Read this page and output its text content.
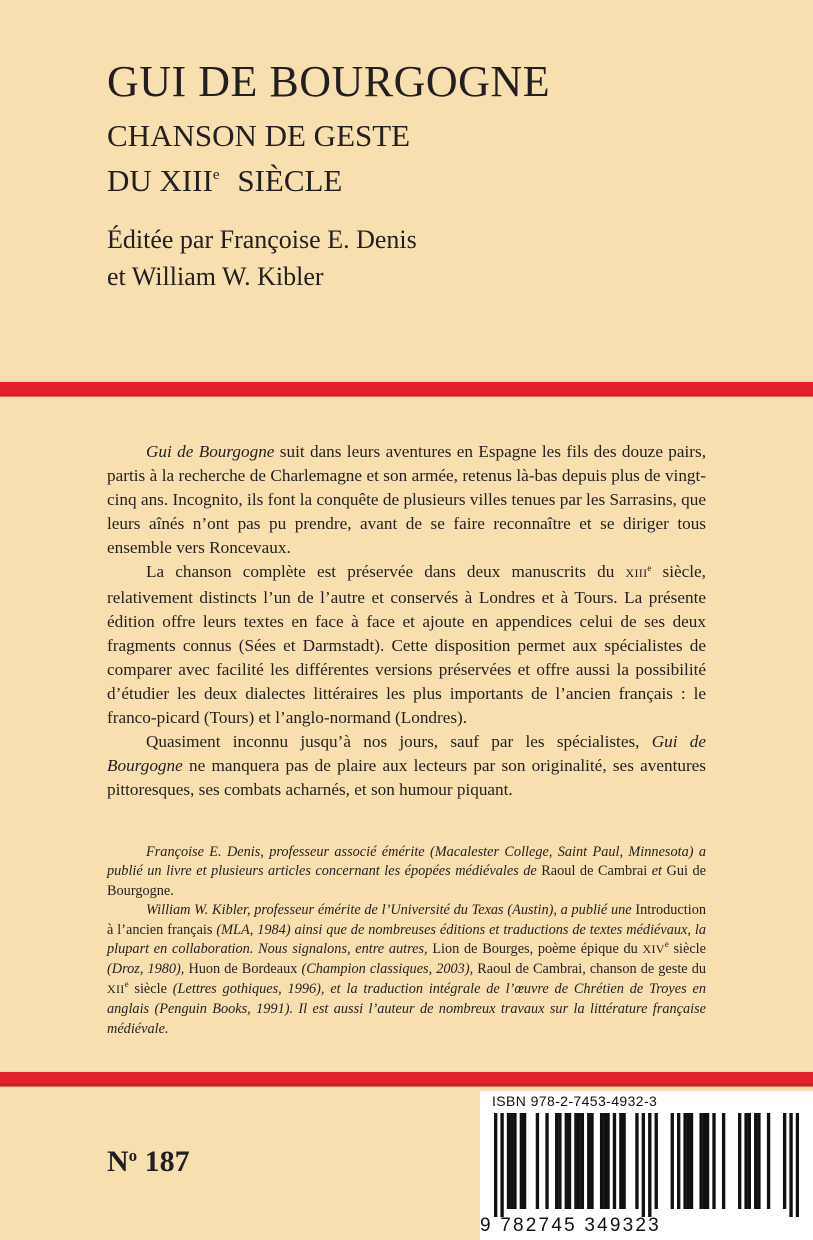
GUI DE BOURGOGNE
CHANSON DE GESTE
DU XIIIe SIÈCLE
Éditée par Françoise E. Denis
et William W. Kibler

Gui de Bourgogne suit dans leurs aventures en Espagne les fils des douze pairs, partis à la recherche de Charlemagne et son armée, retenus là-bas depuis plus de vingt-cinq ans. Incognito, ils font la conquête de plusieurs villes tenues par les Sarrasins, que leurs aînés n’ont pas pu prendre, avant de se faire reconnaître et se diriger tous ensemble vers Roncevaux.

La chanson complète est préservée dans deux manuscrits du XIIIe siècle, relativement distincts l’un de l’autre et conservés à Londres et à Tours. La présente édition offre leurs textes en face à face et ajoute en appendices celui de ses deux fragments connus (Sées et Darmstadt). Cette disposition permet aux spécialistes de comparer avec facilité les différentes versions préservées et offre aussi la possibilité d’étudier les deux dialectes littéraires les plus importants de l’ancien français : le franco-picard (Tours) et l’anglo-normand (Londres).

Quasiment inconnu jusqu’à nos jours, sauf par les spécialistes, Gui de Bourgogne ne manquera pas de plaire aux lecteurs par son originalité, ses aventures pittoresques, ses combats acharnés, et son humour piquant.

Françoise E. Denis, professeur associé émérite (Macalester College, Saint Paul, Minnesota) a publié un livre et plusieurs articles concernant les épopées médiévales de Raoul de Cambrai et Gui de Bourgogne.

William W. Kibler, professeur émérite de l’Université du Texas (Austin), a publié une Introduction à l’ancien français (MLA, 1984) ainsi que de nombreuses éditions et traductions de textes médiévaux, la plupart en collaboration. Nous signalons, entre autres, Lion de Bourges, poème épique du XIVe siècle (Droz, 1980), Huon de Bordeaux (Champion classiques, 2003), Raoul de Cambrai, chanson de geste du XIIe siècle (Lettres gothiques, 1996), et la traduction intégrale de l’œuvre de Chrétien de Troyes en anglais (Penguin Books, 1991). Il est aussi l’auteur de nombreux travaux sur la littérature française médiévale.

$N^o$ 187
ISBN 978-2-7453-4932-3
9 782745 349323
